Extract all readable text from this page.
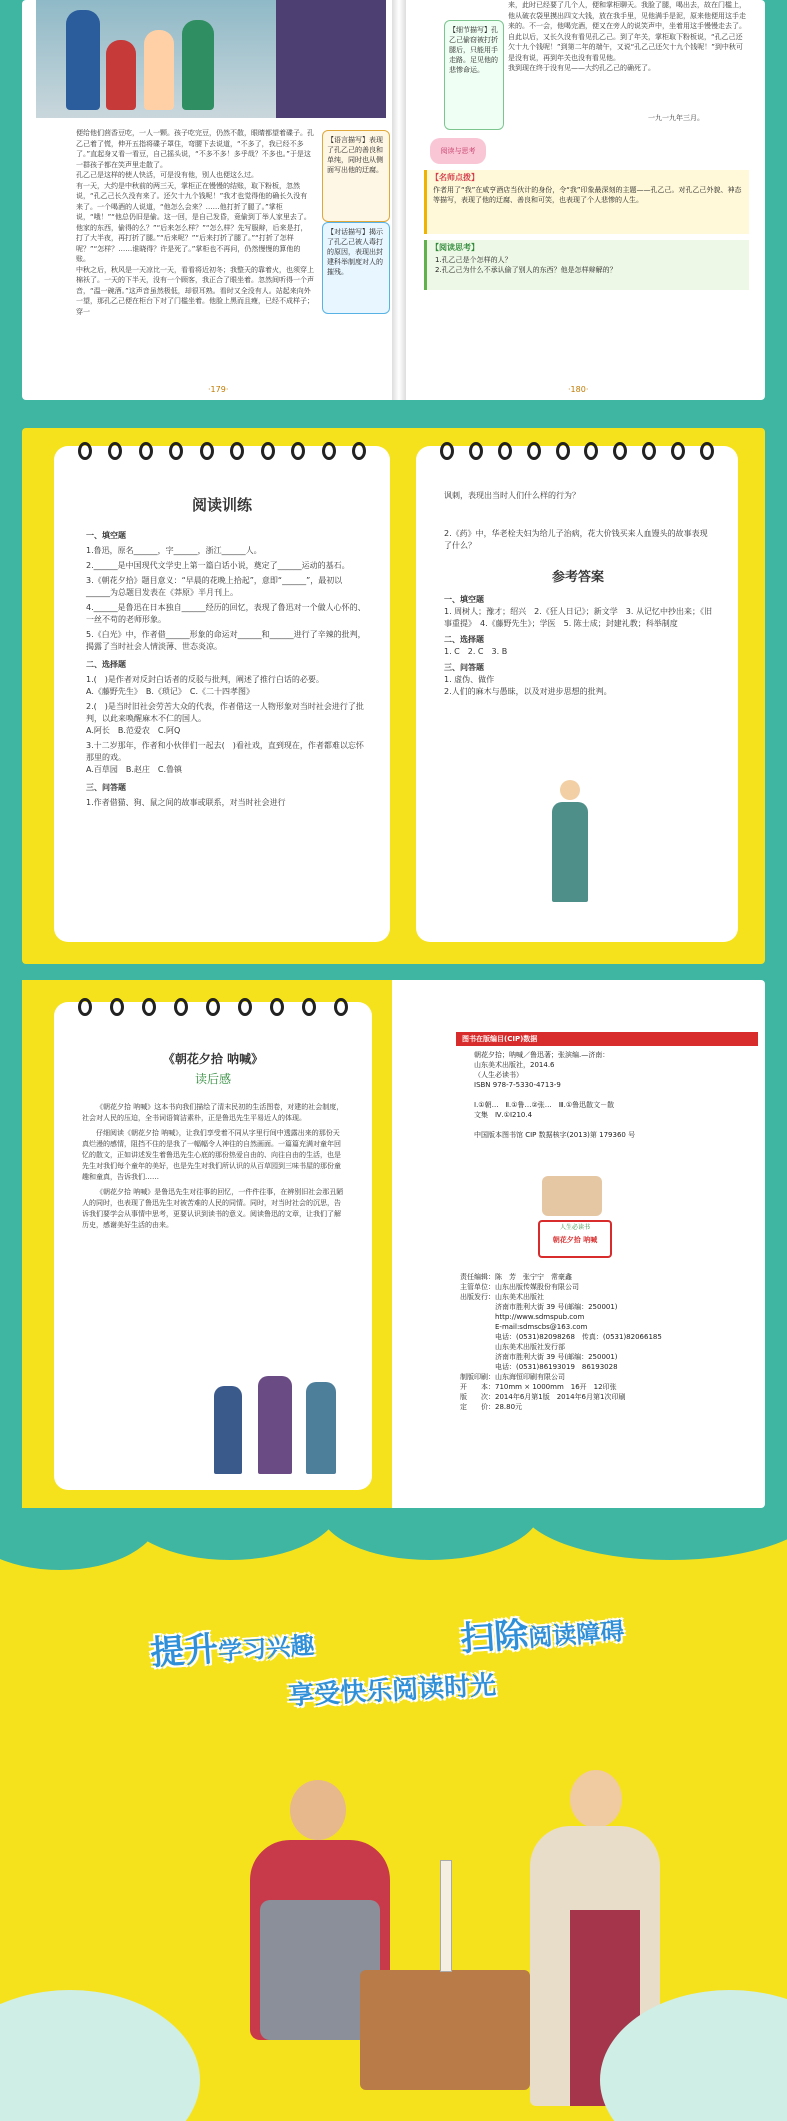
便给他们茴香豆吃，一人一颗。孩子吃完豆，仍然不散，眼睛都望着碟子。孔乙己着了慌，伸开五指将碟子罩住，弯腰下去说道，“不多了，我已经不多了。”直起身又看一看豆，自己摇头说，“不多不多！多乎哉？不多也。”于是这一群孩子都在笑声里走散了。
孔乙己是这样的使人快活，可是没有他，别人也便这么过。
有一天，大约是中秋前的两三天，掌柜正在慢慢的结账，取下粉板，忽然说，“孔乙己长久没有来了。还欠十九个钱呢！”我才也觉得他的确长久没有来了。一个喝酒的人说道，“他怎么会来？……他打折了腿了。”掌柜说，“哦！”“他总仍旧是偷。这一回，是自己发昏，竟偷到丁举人家里去了。他家的东西，偷得的么？”“后来怎么样？”“怎么样？先写服辩，后来是打，打了大半夜，再打折了腿。”“后来呢？”“后来打折了腿了。”“打折了怎样呢？”“怎样？……谁晓得？许是死了。”掌柜也不再问，仍然慢慢的算他的账。
中秋之后，秋风是一天凉比一天，看看将近初冬；我整天的靠着火，也须穿上棉袄了。一天的下半天，没有一个顾客，我正合了眼坐着。忽然间听得一个声音，“温一碗酒。”这声音虽然极低，却很耳熟。看时又全没有人。站起来向外一望，那孔乙己便在柜台下对了门槛坐着。他脸上黑而且瘦，已经不成样子；穿一
【语言描写】表现了孔乙己的善良和单纯，同时也从侧面写出他的迂腐。
【对话描写】揭示了孔乙己被人毒打的原因，表现出封建科举制度对人的摧残。
·179·
【细节描写】孔乙己偷窃被打折腿后，只能用手走路。足见他的悲惨命运。
来，此时已经要了几个人，便和掌柜聊天。我脸了腿，喝出去，故在门槛上，他从破衣袋里摸出四文大钱，放在我手里，见他满手是泥，原来他便用这手走来的。不一会，他喝完酒，便又在旁人的说笑声中，坐着用这手慢慢走去了。
自此以后，又长久没有看见孔乙己。到了年关，掌柜取下粉板说，“孔乙己还欠十九个钱呢！”到第二年的端午，又说“孔乙己还欠十九个钱呢！”到中秋可是没有说，再到年关也没有看见他。
我到现在终于没有见——大约孔乙己的确死了。
一九一九年三月。
阅读与思考
【名师点拨】
作者用了“我”在咸亨酒店当伙计的身份，令“我”印象最深刻的主题——孔乙己。对孔乙己外貌、神态等描写，表现了他的迂腐、善良和可笑，也表现了个人悲惨的人生。
【阅读思考】
1.孔乙己是个怎样的人？
2.孔乙己为什么不承认偷了别人的东西？他是怎样辩解的？
·180·
阅读训练
一、填空题
1.鲁迅，原名______，字______，浙江______人。
2.______是中国现代文学史上第一篇白话小说，奠定了______运动的基石。
3.《朝花夕拾》题目意义：“早晨的花晚上拾起”，意即“______”，最初以______为总题目发表在《莽原》半月刊上。
4.______是鲁迅在日本独自______经历的回忆，表现了鲁迅对一个做人心怀的、一丝不苟的老师形象。
5.《白光》中，作者借______形象的命运对______和______进行了辛辣的批判，揭露了当时社会人情淡薄、世态炎凉。
二、选择题
1.(　)是作者对反封白话者的反驳与批判，阐述了推行白话的必要。
A.《藤野先生》　B.《琐记》　C.《二十四孝图》
2.(　)是当时旧社会劳苦大众的代表，作者借这一人物形象对当时社会进行了批判，以此来唤醒麻木不仁的国人。
A.阿长　B.范爱农　C.阿Q
3.十二岁那年，作者和小伙伴们一起去(　)看社戏，直到现在，作者都难以忘怀那里的戏。
A.百草园　B.赵庄　C.鲁镇
三、问答题
1.作者借猫、狗、鼠之间的故事或联系，对当时社会进行
讽刺，表现出当时人们什么样的行为？
2.《药》中，华老栓夫妇为给儿子治病，花大价钱买来人血馒头的故事表现了什么？
参考答案
一、填空题
1. 周树人；豫才；绍兴　2.《狂人日记》；新文学　3. 从记忆中抄出来；《旧事重提》　4.《藤野先生》；学医　5. 陈士成；封建礼教；科举制度
二、选择题
1. C　2. C　3. B
三、问答题
1. 虚伪、做作
2.人们的麻木与愚昧，以及对进步思想的批判。
《朝花夕拾 呐喊》
读后感
《朝花夕拾 呐喊》这本书向我们描绘了清末民初的生活图卷，对建的社会制度，社会对人民的压迫，全书词语简洁素朴，正是鲁迅先生平易近人的体现。
仔细阅读《朝花夕拾 呐喊》，让我们享受着不同从字里行间中透露出来的那份天真烂漫的感情，阻挡不住的是我了一幅幅令人神往的自然画面。一篇篇充满对童年回忆的散文，正如讲述发生着鲁迅先生心底的那份热爱自由的、向往自由的生活，也是先生对我们每个童年的美好，也是先生对我们所认识的从百草园到三味书屋的那份童趣和童真，告诉我们……
《朝花夕拾 呐喊》是鲁迅先生对往事的回忆，一件件往事，在辨别旧社会那丑陋人的同时，也表现了鲁迅先生对被苦难的人民的同情。同时，对当时社会的沉思，告诉我们要学会从事情中思考，更要认识到读书的意义。阅读鲁迅的文章，让我们了解历史，感谢美好生活的由来。
图书在版编目(CIP)数据
朝花夕拾；呐喊／鲁迅著；张滨编.—济南：
山东美术出版社，2014.6
（人生必读书）
ISBN 978-7-5330-4713-9
Ⅰ.①朝…　Ⅱ.①鲁…②张…　Ⅲ.①鲁迅散文－散
文集　Ⅳ.①I210.4
中国版本图书馆 CIP 数据核字(2013)第 179360 号
人生必读书
朝花夕拾 呐喊
责任编辑：陈　芳　张宁宁　常豪鑫
主管单位：山东出版传媒股份有限公司
出版发行：山东美术出版社
　　　　　济南市胜利大街 39 号(邮编：250001)
　　　　　http://www.sdmspub.com
　　　　　E-mail:sdmscbs@163.com
　　　　　电话：(0531)82098268　传真：(0531)82066185
　　　　　山东美术出版社发行部
　　　　　济南市胜利大街 39 号(邮编：250001)
　　　　　电话：(0531)86193019　86193028
制版印刷：山东海恒印刷有限公司
开　　本：710mm × 1000mm　16开　12印张
版　　次：2014年6月第1版　2014年6月第1次印刷
定　　价：28.80元
提升学习兴趣	扫除阅读障碍
享受快乐阅读时光
